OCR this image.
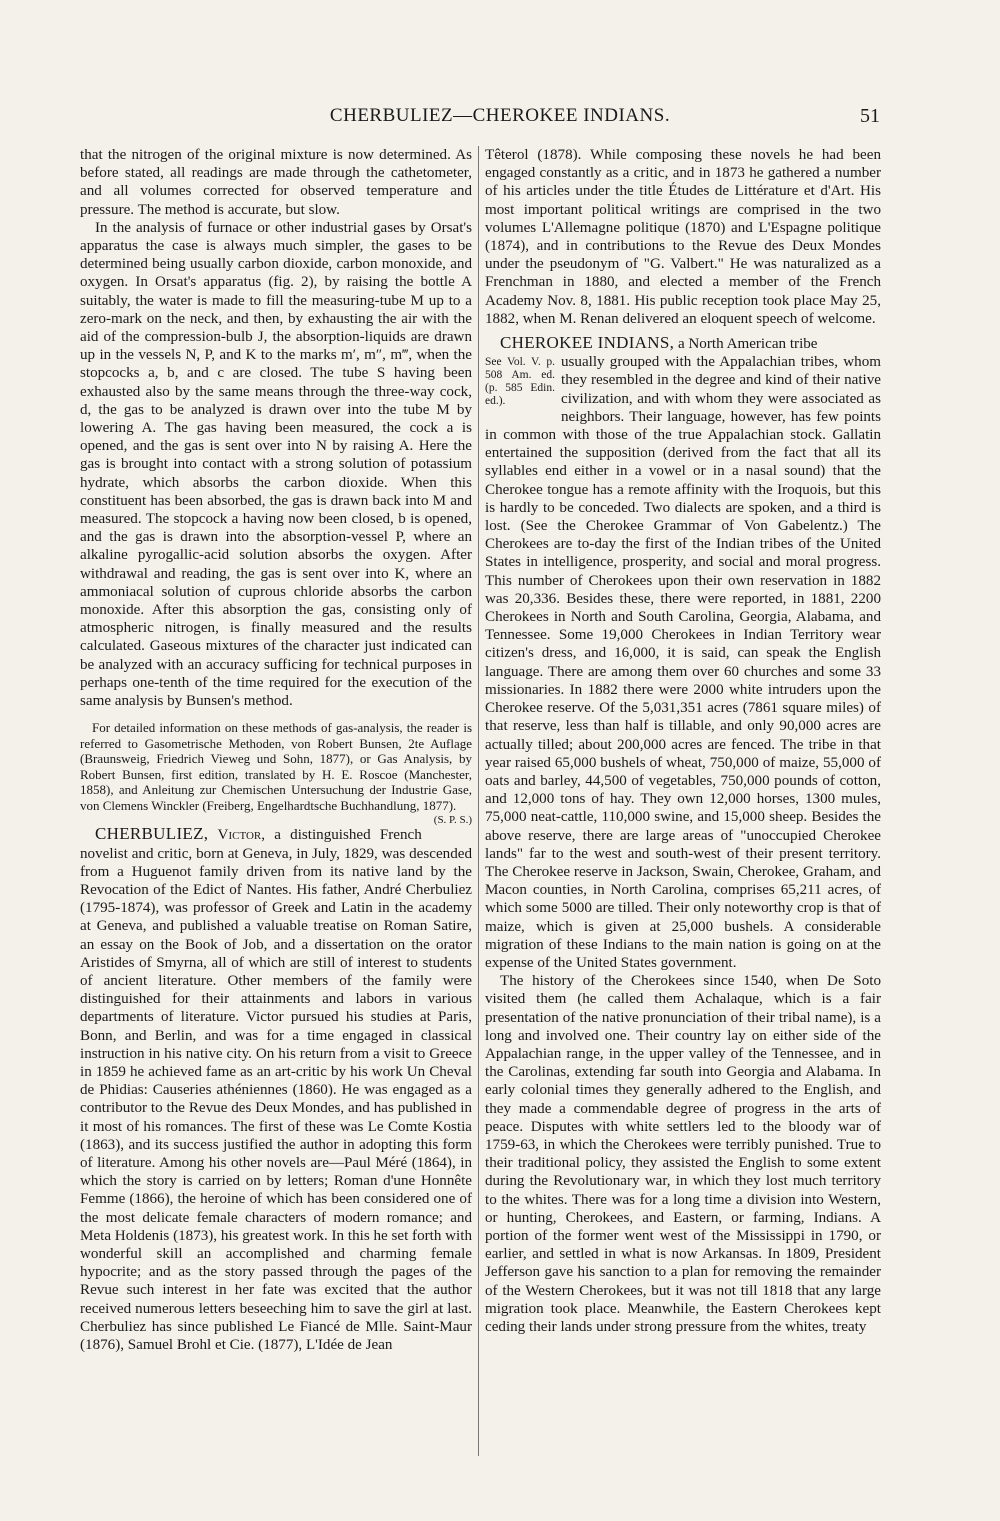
CHERBULIEZ—CHEROKEE INDIANS.	51

that the nitrogen of the original mixture is now determined. As before stated, all readings are made through the cathetometer, and all volumes corrected for observed temperature and pressure. The method is accurate, but slow.

In the analysis of furnace or other industrial gases by Orsat's apparatus the case is always much simpler, the gases to be determined being usually carbon dioxide, carbon monoxide, and oxygen. In Orsat's apparatus (fig. 2), by raising the bottle A suitably, the water is made to fill the measuring-tube M up to a zero-mark on the neck, and then, by exhausting the air with the aid of the compression-bulb J, the absorption-liquids are drawn up in the vessels N, P, and K to the marks m′, m″, m‴, when the stopcocks a, b, and c are closed. The tube S having been exhausted also by the same means through the three-way cock, d, the gas to be analyzed is drawn over into the tube M by lowering A. The gas having been measured, the cock a is opened, and the gas is sent over into N by raising A. Here the gas is brought into contact with a strong solution of potassium hydrate, which absorbs the carbon dioxide. When this constituent has been absorbed, the gas is drawn back into M and measured. The stopcock a having now been closed, b is opened, and the gas is drawn into the absorption-vessel P, where an alkaline pyrogallic-acid solution absorbs the oxygen. After withdrawal and reading, the gas is sent over into K, where an ammoniacal solution of cuprous chloride absorbs the carbon monoxide. After this absorption the gas, consisting only of atmospheric nitrogen, is finally measured and the results calculated. Gaseous mixtures of the character just indicated can be analyzed with an accuracy sufficing for technical purposes in perhaps one-tenth of the time required for the execution of the same analysis by Bunsen's method.

For detailed information on these methods of gas-analysis, the reader is referred to Gasometrische Methoden, von Robert Bunsen, 2te Auflage (Braunsweig, Friedrich Vieweg und Sohn, 1877), or Gas Analysis, by Robert Bunsen, first edition, translated by H. E. Roscoe (Manchester, 1858), and Anleitung zur Chemischen Untersuchung der Industrie Gase, von Clemens Winckler (Freiberg, Engelhardtsche Buchhandlung, 1877).
(S. P. S.)

CHERBULIEZ, Victor, a distinguished French novelist and critic, born at Geneva, in July, 1829, was descended from a Huguenot family driven from its native land by the Revocation of the Edict of Nantes. His father, André Cherbuliez (1795-1874), was professor of Greek and Latin in the academy at Geneva, and published a valuable treatise on Roman Satire, an essay on the Book of Job, and a dissertation on the orator Aristides of Smyrna, all of which are still of interest to students of ancient literature. Other members of the family were distinguished for their attainments and labors in various departments of literature. Victor pursued his studies at Paris, Bonn, and Berlin, and was for a time engaged in classical instruction in his native city. On his return from a visit to Greece in 1859 he achieved fame as an art-critic by his work Un Cheval de Phidias: Causeries athéniennes (1860). He was engaged as a contributor to the Revue des Deux Mondes, and has published in it most of his romances. The first of these was Le Comte Kostia (1863), and its success justified the author in adopting this form of literature. Among his other novels are—Paul Méré (1864), in which the story is carried on by letters; Roman d'une Honnête Femme (1866), the heroine of which has been considered one of the most delicate female characters of modern romance; and Meta Holdenis (1873), his greatest work. In this he set forth with wonderful skill an accomplished and charming female hypocrite; and as the story passed through the pages of the Revue such interest in her fate was excited that the author received numerous letters beseeching him to save the girl at last. Cherbuliez has since published Le Fiancé de Mlle. Saint-Maur (1876), Samuel Brohl et Cie. (1877), L'Idée de Jean

Têterol (1878). While composing these novels he had been engaged constantly as a critic, and in 1873 he gathered a number of his articles under the title Études de Littérature et d'Art. His most important political writings are comprised in the two volumes L'Allemagne politique (1870) and L'Espagne politique (1874), and in contributions to the Revue des Deux Mondes under the pseudonym of "G. Valbert." He was naturalized as a Frenchman in 1880, and elected a member of the French Academy Nov. 8, 1881. His public reception took place May 25, 1882, when M. Renan delivered an eloquent speech of welcome.

CHEROKEE INDIANS, a North American tribe

See Vol. V. p. 508 Am. ed. (p. 585 Edin. ed.).
usually grouped with the Appalachian tribes, whom they resembled in the degree and kind of their native civilization, and with whom they were associated as neighbors. Their language, however, has few points in common with those of the true Appalachian stock. Gallatin entertained the supposition (derived from the fact that all its syllables end either in a vowel or in a nasal sound) that the Cherokee tongue has a remote affinity with the Iroquois, but this is hardly to be conceded. Two dialects are spoken, and a third is lost. (See the Cherokee Grammar of Von Gabelentz.) The Cherokees are to-day the first of the Indian tribes of the United States in intelligence, prosperity, and social and moral progress. This number of Cherokees upon their own reservation in 1882 was 20,336. Besides these, there were reported, in 1881, 2200 Cherokees in North and South Carolina, Georgia, Alabama, and Tennessee. Some 19,000 Cherokees in Indian Territory wear citizen's dress, and 16,000, it is said, can speak the English language. There are among them over 60 churches and some 33 missionaries. In 1882 there were 2000 white intruders upon the Cherokee reserve. Of the 5,031,351 acres (7861 square miles) of that reserve, less than half is tillable, and only 90,000 acres are actually tilled; about 200,000 acres are fenced. The tribe in that year raised 65,000 bushels of wheat, 750,000 of maize, 55,000 of oats and barley, 44,500 of vegetables, 750,000 pounds of cotton, and 12,000 tons of hay. They own 12,000 horses, 1300 mules, 75,000 neat-cattle, 110,000 swine, and 15,000 sheep. Besides the above reserve, there are large areas of "unoccupied Cherokee lands" far to the west and south-west of their present territory. The Cherokee reserve in Jackson, Swain, Cherokee, Graham, and Macon counties, in North Carolina, comprises 65,211 acres, of which some 5000 are tilled. Their only noteworthy crop is that of maize, which is given at 25,000 bushels. A considerable migration of these Indians to the main nation is going on at the expense of the United States government.

The history of the Cherokees since 1540, when De Soto visited them (he called them Achalaque, which is a fair presentation of the native pronunciation of their tribal name), is a long and involved one. Their country lay on either side of the Appalachian range, in the upper valley of the Tennessee, and in the Carolinas, extending far south into Georgia and Alabama. In early colonial times they generally adhered to the English, and they made a commendable degree of progress in the arts of peace. Disputes with white settlers led to the bloody war of 1759-63, in which the Cherokees were terribly punished. True to their traditional policy, they assisted the English to some extent during the Revolutionary war, in which they lost much territory to the whites. There was for a long time a division into Western, or hunting, Cherokees, and Eastern, or farming, Indians. A portion of the former went west of the Mississippi in 1790, or earlier, and settled in what is now Arkansas. In 1809, President Jefferson gave his sanction to a plan for removing the remainder of the Western Cherokees, but it was not till 1818 that any large migration took place. Meanwhile, the Eastern Cherokees kept ceding their lands under strong pressure from the whites, treaty
